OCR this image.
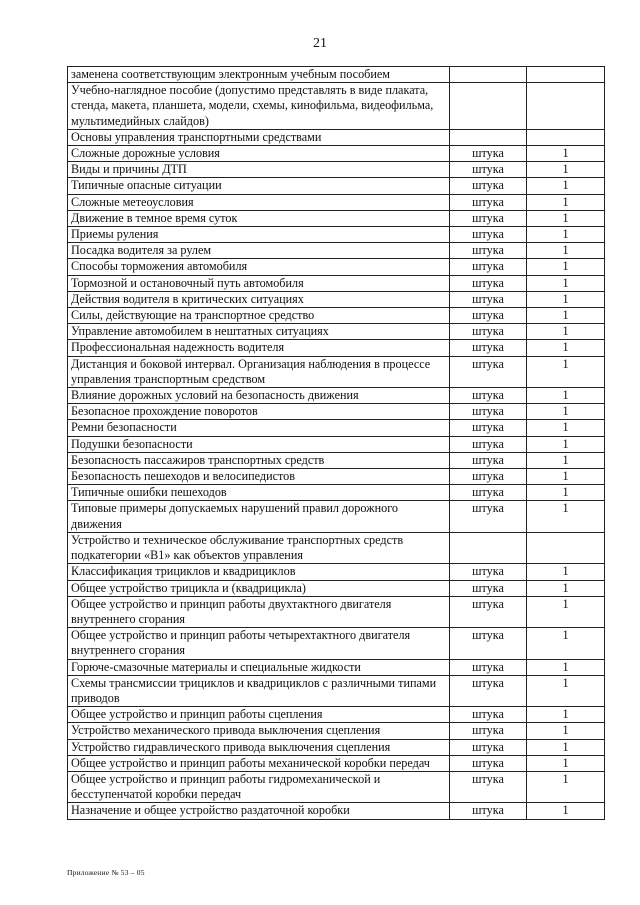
21
заменена соответствующим электронным учебным пособием		
Учебно-наглядное пособие (допустимо представлять в виде плаката, стенда, макета, планшета, модели, схемы, кинофильма, видеофильма, мультимедийных слайдов)		
Основы управления транспортными средствами		
Сложные дорожные условия	штука	1
Виды и причины ДТП	штука	1
Типичные опасные ситуации	штука	1
Сложные метеоусловия	штука	1
Движение в темное время суток	штука	1
Приемы руления	штука	1
Посадка водителя за рулем	штука	1
Способы торможения автомобиля	штука	1
Тормозной и остановочный путь автомобиля	штука	1
Действия водителя в критических ситуациях	штука	1
Силы, действующие на транспортное средство	штука	1
Управление автомобилем в нештатных ситуациях	штука	1
Профессиональная надежность водителя	штука	1
Дистанция и боковой интервал. Организация наблюдения в процессе управления транспортным средством	штука	1
Влияние дорожных условий на безопасность движения	штука	1
Безопасное прохождение поворотов	штука	1
Ремни безопасности	штука	1
Подушки безопасности	штука	1
Безопасность пассажиров транспортных средств	штука	1
Безопасность пешеходов и велосипедистов	штука	1
Типичные ошибки пешеходов	штука	1
Типовые примеры допускаемых нарушений правил дорожного движения	штука	1
Устройство и техническое обслуживание транспортных средств подкатегории «В1» как объектов управления		
Классификация трициклов и квадрициклов	штука	1
Общее устройство трицикла и (квадрицикла)	штука	1
Общее устройство и принцип работы двухтактного двигателя внутреннего сгорания	штука	1
Общее устройство и принцип работы четырехтактного двигателя внутреннего сгорания	штука	1
Горюче-смазочные материалы и специальные жидкости	штука	1
Схемы трансмиссии трициклов и квадрициклов с различными типами приводов	штука	1
Общее устройство и принцип работы сцепления	штука	1
Устройство механического привода выключения сцепления	штука	1
Устройство гидравлического привода выключения сцепления	штука	1
Общее устройство и принцип работы механической коробки передач	штука	1
Общее устройство и принцип работы гидромеханической и бесступенчатой коробки передач	штука	1
Назначение и общее устройство раздаточной коробки	штука	1
Приложение № 53 – 05
